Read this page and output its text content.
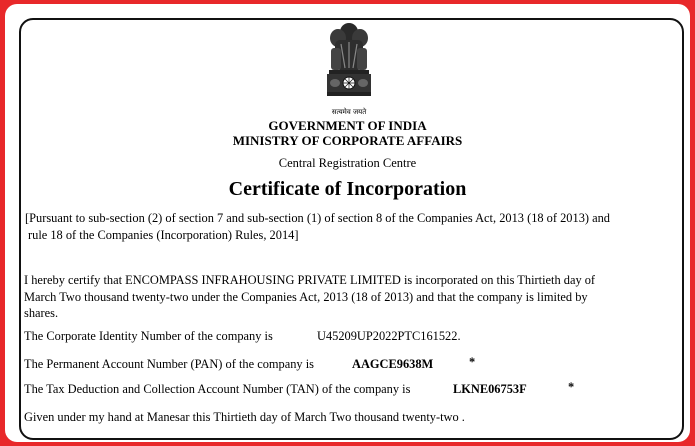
सत्यमेव जयते
GOVERNMENT OF INDIA
MINISTRY OF CORPORATE AFFAIRS
Central Registration Centre
Certificate of Incorporation
[Pursuant to sub-section (2) of section 7 and sub-section (1) of section 8 of the Companies Act, 2013 (18 of 2013) and
rule 18 of the Companies (Incorporation) Rules, 2014]
I hereby certify that ENCOMPASS INFRAHOUSING PRIVATE LIMITED is incorporated on this Thirtieth day of
March Two thousand twenty-two under the Companies Act, 2013 (18 of 2013) and that the company is limited by
shares.
The Corporate Identity Number of the company is	U45209UP2022PTC161522.
The Permanent Account Number (PAN) of the company is	AAGCE9638M	*
The Tax Deduction and Collection Account Number (TAN) of the company is	LKNE06753F	*
Given under my hand at Manesar this Thirtieth day of March Two thousand twenty-two .
